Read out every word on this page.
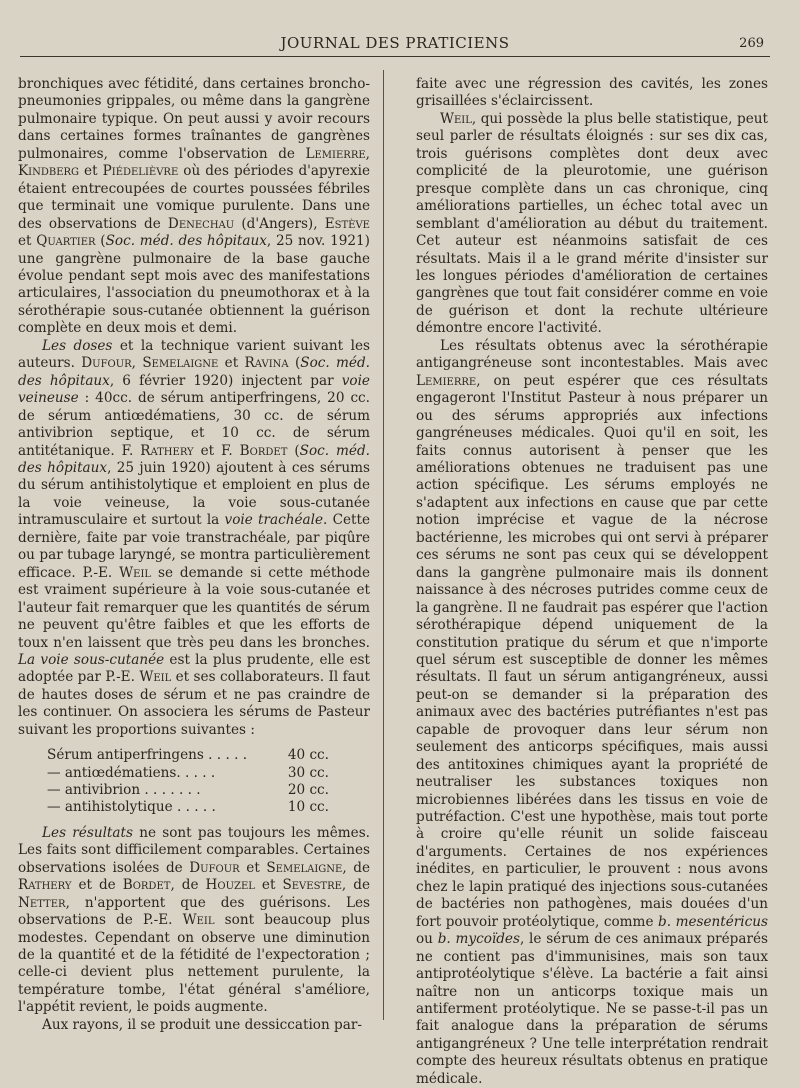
JOURNAL DES PRATICIENS	269

bronchiques avec fétidité, dans certaines broncho-pneumonies grippales, ou même dans la gangrène pulmonaire typique. On peut aussi y avoir recours dans certaines formes traînantes de gangrènes pulmonaires, comme l'observation de Lemierre, Kindberg et Piédelièvre où des périodes d'apyrexie étaient entrecoupées de courtes poussées fébriles que terminait une vomique purulente. Dans une des observations de Denechau (d'Angers), Estève et Quartier (Soc. méd. des hôpitaux, 25 nov. 1921) une gangrène pulmonaire de la base gauche évolue pendant sept mois avec des manifestations articulaires, l'association du pneumothorax et à la sérothérapie sous-cutanée obtiennent la guérison complète en deux mois et demi.

Les doses et la technique varient suivant les auteurs. Dufour, Semelaigne et Ravina (Soc. méd. des hôpitaux, 6 février 1920) injectent par voie veineuse : 40cc. de sérum antiperfringens, 20 cc. de sérum antiœdématiens, 30 cc. de sérum antivibrion septique, et 10 cc. de sérum antitétanique. F. Rathery et F. Bordet (Soc. méd. des hôpitaux, 25 juin 1920) ajoutent à ces sérums du sérum antihistolytique et emploient en plus de la voie veineuse, la voie sous-cutanée intramusculaire et surtout la voie trachéale. Cette dernière, faite par voie transtrachéale, par piqûre ou par tubage laryngé, se montra particulièrement efficace. P.-E. Weil se demande si cette méthode est vraiment supérieure à la voie sous-cutanée et l'auteur fait remarquer que les quantités de sérum ne peuvent qu'être faibles et que les efforts de toux n'en laissent que très peu dans les bronches. La voie sous-cutanée est la plus prudente, elle est adoptée par P.-E. Weil et ses collaborateurs. Il faut de hautes doses de sérum et ne pas craindre de les continuer. On associera les sérums de Pasteur suivant les proportions suivantes :

Sérum antiperfringens . . . . .	40 cc.
— antiœdématiens. . . . .	30 cc.
— antivibrion . . . . . . .	20 cc.
— antihistolytique . . . . .	10 cc.

Les résultats ne sont pas toujours les mêmes. Les faits sont difficilement comparables. Certaines observations isolées de Dufour et Semelaigne, de Rathery et de Bordet, de Houzel et Sevestre, de Netter, n'apportent que des guérisons. Les observations de P.-E. Weil sont beaucoup plus modestes. Cependant on observe une diminution de la quantité et de la fétidité de l'expectoration ; celle-ci devient plus nettement purulente, la température tombe, l'état général s'améliore, l'appétit revient, le poids augmente.

Aux rayons, il se produit une dessiccation par-

faite avec une régression des cavités, les zones grisaillées s'éclaircissent.

Weil, qui possède la plus belle statistique, peut seul parler de résultats éloignés : sur ses dix cas, trois guérisons complètes dont deux avec complicité de la pleurotomie, une guérison presque complète dans un cas chronique, cinq améliorations partielles, un échec total avec un semblant d'amélioration au début du traitement. Cet auteur est néanmoins satisfait de ces résultats. Mais il a le grand mérite d'insister sur les longues périodes d'amélioration de certaines gangrènes que tout fait considérer comme en voie de guérison et dont la rechute ultérieure démontre encore l'activité.

Les résultats obtenus avec la sérothérapie antigangréneuse sont incontestables. Mais avec Lemierre, on peut espérer que ces résultats engageront l'Institut Pasteur à nous préparer un ou des sérums appropriés aux infections gangréneuses médicales. Quoi qu'il en soit, les faits connus autorisent à penser que les améliorations obtenues ne traduisent pas une action spécifique. Les sérums employés ne s'adaptent aux infections en cause que par cette notion imprécise et vague de la nécrose bactérienne, les microbes qui ont servi à préparer ces sérums ne sont pas ceux qui se développent dans la gangrène pulmonaire mais ils donnent naissance à des nécroses putrides comme ceux de la gangrène. Il ne faudrait pas espérer que l'action sérothérapique dépend uniquement de la constitution pratique du sérum et que n'importe quel sérum est susceptible de donner les mêmes résultats. Il faut un sérum antigangréneux, aussi peut-on se demander si la préparation des animaux avec des bactéries putréfiantes n'est pas capable de provoquer dans leur sérum non seulement des anticorps spécifiques, mais aussi des antitoxines chimiques ayant la propriété de neutraliser les substances toxiques non microbiennes libérées dans les tissus en voie de putréfaction. C'est une hypothèse, mais tout porte à croire qu'elle réunit un solide faisceau d'arguments. Certaines de nos expériences inédites, en particulier, le prouvent : nous avons chez le lapin pratiqué des injections sous-cutanées de bactéries non pathogènes, mais douées d'un fort pouvoir protéolytique, comme b. mesentéricus ou b. mycoïdes, le sérum de ces animaux préparés ne contient pas d'immunisines, mais son taux antiprotéolytique s'élève. La bactérie a fait ainsi naître non un anticorps toxique mais un antiferment protéolytique. Ne se passe-t-il pas un fait analogue dans la préparation de sérums antigangréneux ? Une telle interprétation rendrait compte des heureux résultats obtenus en pratique médicale.
